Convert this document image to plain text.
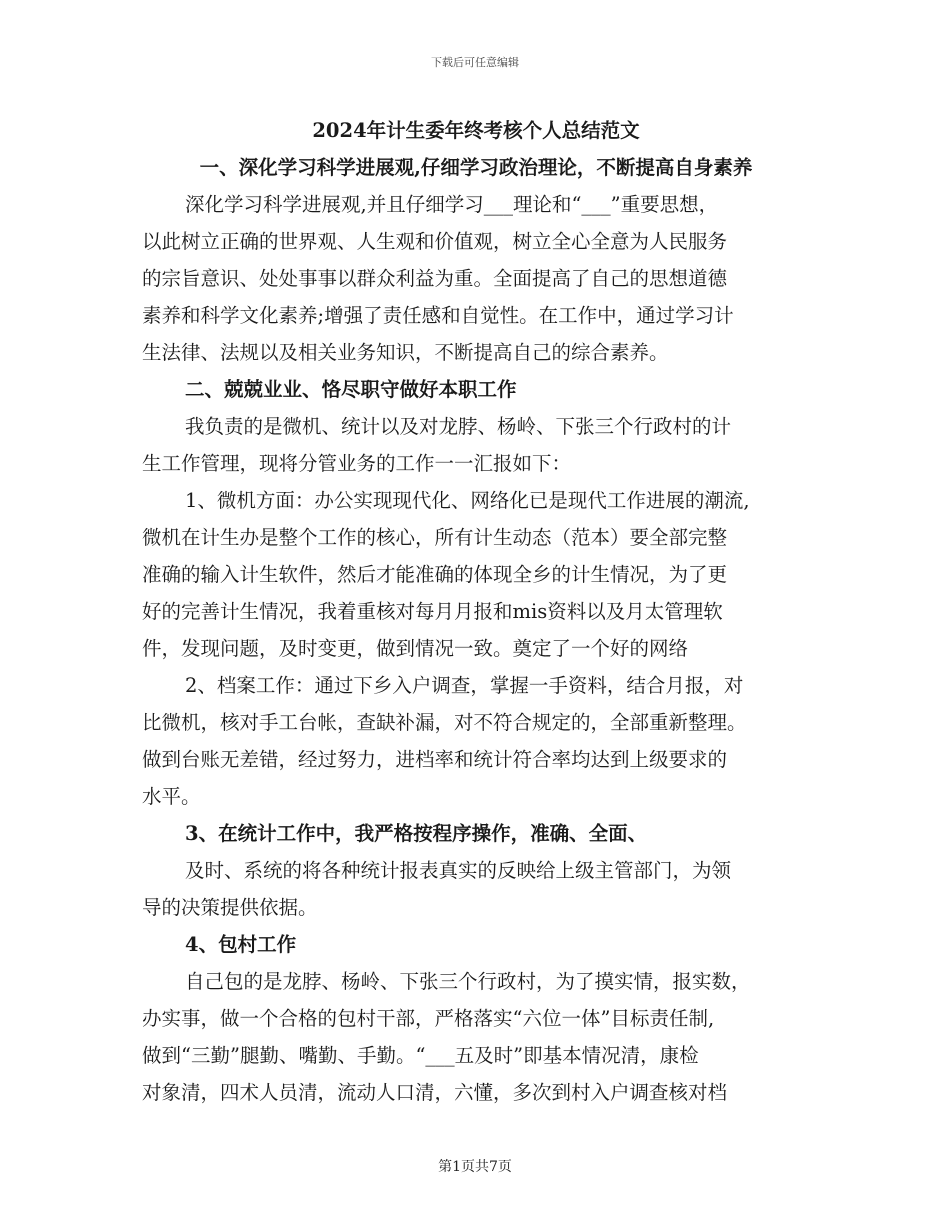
下载后可任意编辑
2024年计生委年终考核个人总结范文
一、深化学习科学进展观,仔细学习政治理论，不断提高自身素养
深化学习科学进展观,并且仔细学习___理论和“___”重要思想，
以此树立正确的世界观、人生观和价值观，树立全心全意为人民服务
的宗旨意识、处处事事以群众利益为重。全面提高了自己的思想道德
素养和科学文化素养;增强了责任感和自觉性。在工作中，通过学习计
生法律、法规以及相关业务知识，不断提高自己的综合素养。
二、兢兢业业、恪尽职守做好本职工作
我负责的是微机、统计以及对龙脖、杨岭、下张三个行政村的计
生工作管理，现将分管业务的工作一一汇报如下：
1、微机方面：办公实现现代化、网络化已是现代工作进展的潮流,
微机在计生办是整个工作的核心，所有计生动态（范本）要全部完整
准确的输入计生软件，然后才能准确的体现全乡的计生情况，为了更
好的完善计生情况，我着重核对每月月报和mis资料以及月太管理软
件，发现问题，及时变更，做到情况一致。奠定了一个好的网络
2、档案工作：通过下乡入户调查，掌握一手资料，结合月报，对
比微机，核对手工台帐，查缺补漏，对不符合规定的，全部重新整理。
做到台账无差错，经过努力，进档率和统计符合率均达到上级要求的
水平。
3、在统计工作中，我严格按程序操作，准确、全面、
及时、系统的将各种统计报表真实的反映给上级主管部门，为领
导的决策提供依据。
4、包村工作
自己包的是龙脖、杨岭、下张三个行政村，为了摸实情，报实数，
办实事，做一个合格的包村干部，严格落实“六位一体”目标责任制,
做到“三勤”腿勤、嘴勤、手勤。“___五及时”即基本情况清，康检
对象清，四术人员清，流动人口清，六懂，多次到村入户调查核对档
第1页共7页
